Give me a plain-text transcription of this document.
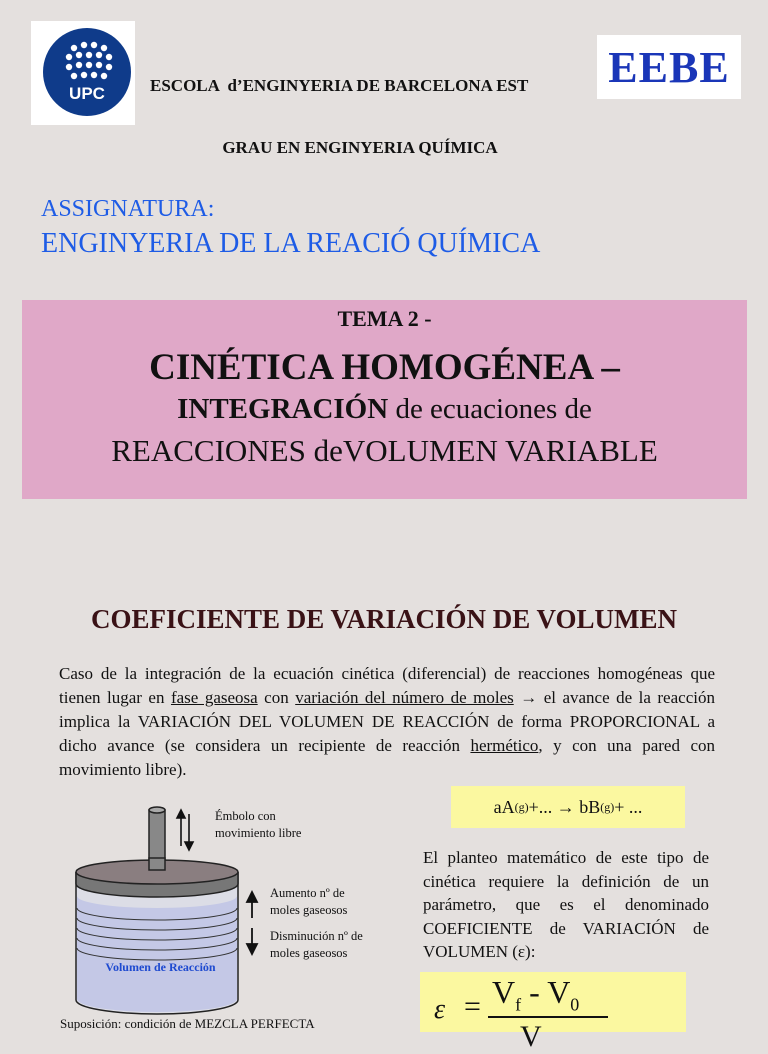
UPC
EEBE
ESCOLA  d’ENGINYERIA DE BARCELONA EST
GRAU EN ENGINYERIA QUÍMICA
ASSIGNATURA:
ENGINYERIA DE LA REACIÓ QUÍMICA
TEMA 2 -
CINÉTICA HOMOGÉNEA –
INTEGRACIÓN de ecuaciones de
REACCIONES deVOLUMEN VARIABLE
COEFICIENTE DE VARIACIÓN DE VOLUMEN
Caso de la integración de la ecuación cinética (diferencial) de reacciones homogéneas que tienen lugar en fase gaseosa con variación del número de moles → el avance de la reacción implica la VARIACIÓN DEL VOLUMEN DE REACCIÓN de forma PROPORCIONAL a dicho avance (se considera un recipiente de reacción hermético, y con una pared con movimiento libre).
aA (g) +... → bB (g) + ...
El planteo matemático de este tipo de cinética requiere la definición de un parámetro, que es el denominado COEFICIENTE de VARIACIÓN de VOLUMEN (ε):
$\varepsilon = V_f - V_0$
V
Émbolo con
movimiento libre
Aumento nº de
moles gaseosos
Disminución nº de
moles gaseosos
Volumen de Reacción
Suposición: condición de MEZCLA PERFECTA
